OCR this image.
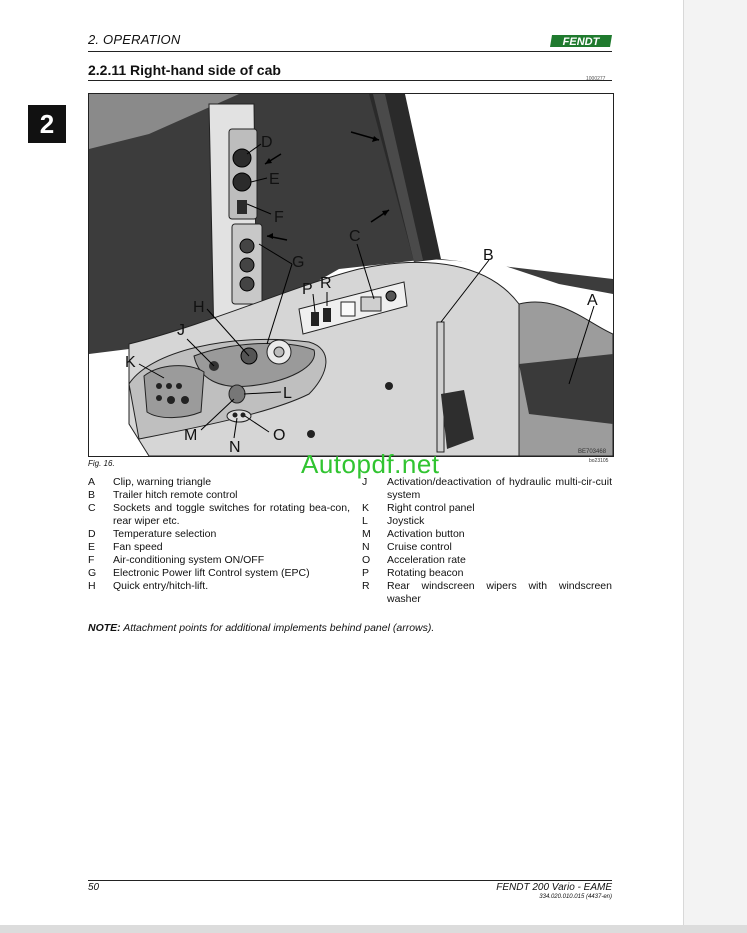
2. OPERATION	FENDT
2.2.11 Right-hand side of cab
1000277
2
A
B
C
D
E
F
G
H
J
K
L
M
N
O
P R
BE703468
bo23105
Fig. 16.	Autopdf.net
A	Clip, warning triangle
B	Trailer hitch remote control
C	Sockets and toggle switches for rotating bea-con, rear wiper etc.
D	Temperature selection
E	Fan speed
F	Air-conditioning system ON/OFF
G	Electronic Power lift Control system (EPC)
H	Quick entry/hitch-lift.
J	Activation/deactivation of hydraulic multi-cir-cuit system
K	Right control panel
L	Joystick
M	Activation button
N	Cruise control
O	Acceleration rate
P	Rotating beacon
R	Rear windscreen wipers with windscreen washer
NOTE: Attachment points for additional implements behind panel (arrows).
50	FENDT 200 Vario - EAME
334.020.010.015 (4437-en)
